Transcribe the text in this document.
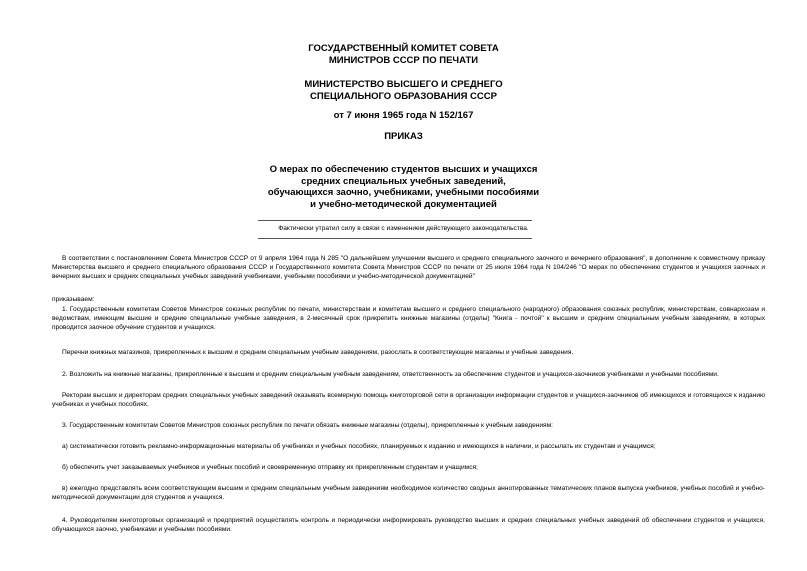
ГОСУДАРСТВЕННЫЙ КОМИТЕТ СОВЕТА
МИНИСТРОВ СССР ПО ПЕЧАТИ
МИНИСТЕРСТВО ВЫСШЕГО И СРЕДНЕГО
СПЕЦИАЛЬНОГО ОБРАЗОВАНИЯ СССР
от 7 июня 1965 года N 152/167
ПРИКАЗ
О мерах по обеспечению студентов высших и учащихся
средних специальных учебных заведений,
обучающихся заочно, учебниками, учебными пособиями
и учебно-методической документацией
Фактически утратил силу в связи с изменением действующего законодательства.
В соответствии с постановлением Совета Министров СССР от 9 апреля 1964 года N 285 "О дальнейшем улучшении высшего и среднего специального заочного и вечернего образования", в дополнение к совместному приказу Министерства высшего и среднего специального образования СССР и Государственного комитета Совета Министров СССР по печати от 25 июля 1964 года N 104/246 "О мерах по обеспечению студентов и учащихся заочных и вечерних высших и средних специальных учебных заведений учебниками, учебными пособиями и учебно-методической документацией"
приказываем:
1. Государственным комитетам Советов Министров союзных республик по печати, министерствам и комитетам высшего и среднего специального (народного) образования союзных республик, министерствам, совнархозам и ведомствам, имеющим высшие и средние специальные учебные заведения, в 2-месячный срок прикрепить книжные магазины (отделы) "Книга - почтой" к высшим и средним специальным учебным заведениям, в которых проводится заочное обучение студентов и учащихся.
Перечни книжных магазинов, прикрепленных к высшим и средним специальным учебным заведениям, разослать в соответствующие магазины и учебные заведения.
2. Возложить на книжные магазины, прикрепленные к высшим и средним специальным учебным заведениям, ответственность за обеспечение студентов и учащихся-заочников учебниками и учебными пособиями.
Ректорам высших и директорам средних специальных учебных заведений оказывать всемерную помощь книготорговой сети в организации информации студентов и учащихся-заочников об имеющихся и готовящихся к изданию учебниках и учебных пособиях.
3. Государственным комитетам Советов Министров союзных республик по печати обязать книжные магазины (отделы), прикрепленные к учебным заведениям:
а) систематически готовить рекламно-информационные материалы об учебниках и учебных пособиях, планируемых к изданию и имеющихся в наличии, и рассылать их студентам и учащимся;
б) обеспечить учет заказываемых учебников и учебных пособий и своевременную отправку их прикрепленным студентам и учащимся;
в) ежегодно представлять всем соответствующим высшим и средним специальным учебным заведениям необходимое количество сводных аннотированных тематических планов выпуска учебников, учебных пособий и учебно-методической документации для студентов и учащихся.
4. Руководителям книготорговых организаций и предприятий осуществлять контроль и периодически информировать руководство высших и средних специальных учебных заведений об обеспечении студентов и учащихся, обучающихся заочно, учебниками и учебными пособиями.
